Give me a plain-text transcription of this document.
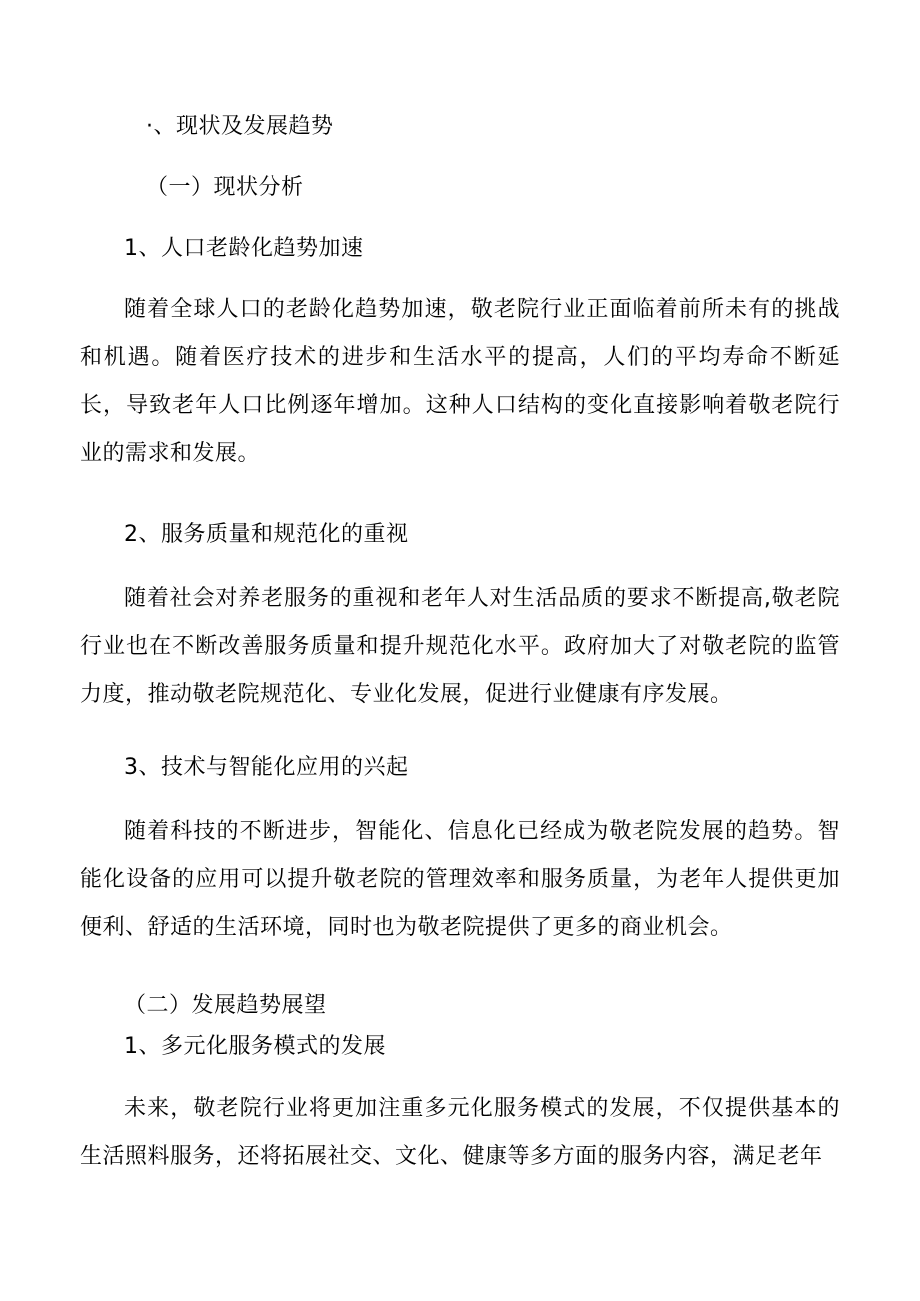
·、现状及发展趋势
（一）现状分析
1、人口老龄化趋势加速
随着全球人口的老龄化趋势加速，敬老院行业正面临着前所未有的挑战和机遇。随着医疗技术的进步和生活水平的提高，人们的平均寿命不断延长，导致老年人口比例逐年增加。这种人口结构的变化直接影响着敬老院行业的需求和发展。
2、服务质量和规范化的重视
随着社会对养老服务的重视和老年人对生活品质的要求不断提高,敬老院行业也在不断改善服务质量和提升规范化水平。政府加大了对敬老院的监管力度，推动敬老院规范化、专业化发展，促进行业健康有序发展。
3、技术与智能化应用的兴起
随着科技的不断进步，智能化、信息化已经成为敬老院发展的趋势。智能化设备的应用可以提升敬老院的管理效率和服务质量，为老年人提供更加便利、舒适的生活环境，同时也为敬老院提供了更多的商业机会。
（二）发展趋势展望
1、多元化服务模式的发展
未来，敬老院行业将更加注重多元化服务模式的发展，不仅提供基本的生活照料服务，还将拓展社交、文化、健康等多方面的服务内容，满足老年
